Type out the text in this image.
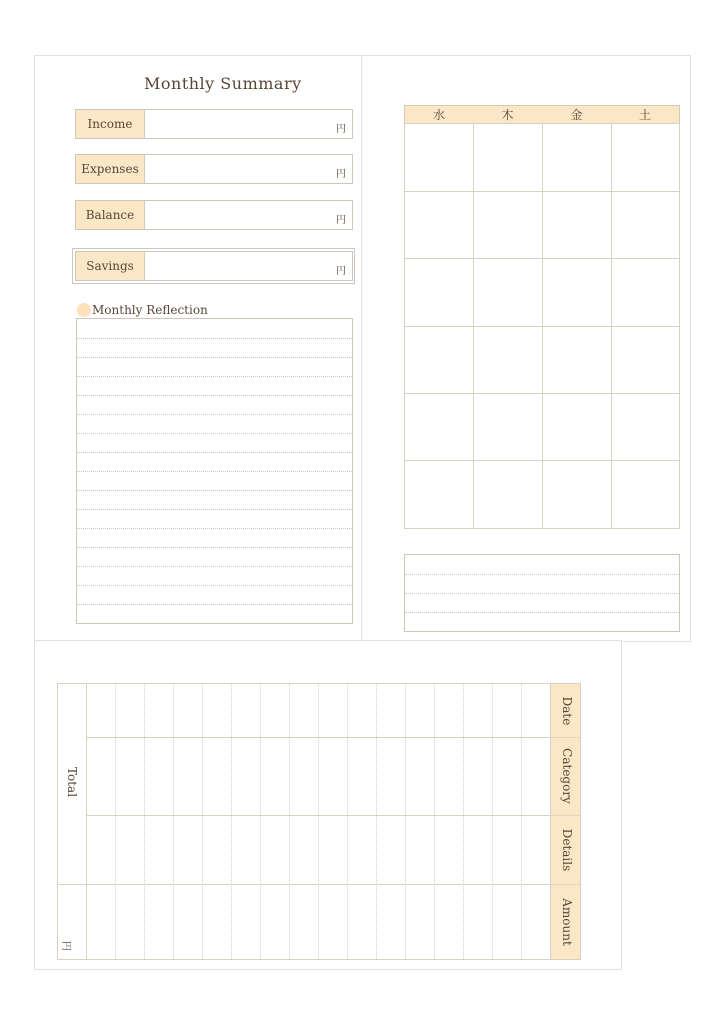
Monthly Summary
Income	円
Expenses	円
Balance	円
Savings	円
Monthly Reflection
水	木	金	土
Total
円
Date
Category
Details
Amount
